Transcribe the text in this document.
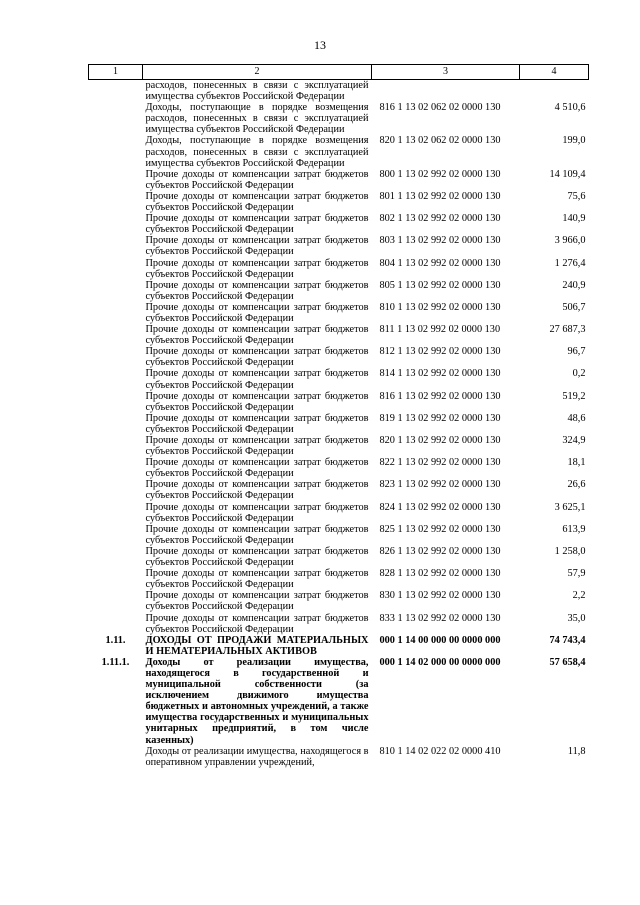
13
1	2	3	4
	расходов, понесенных в связи с эксплуатацией имущества субъектов Российской Федерации		
	Доходы, поступающие в порядке возмещения расходов, понесенных в связи с эксплуатацией имущества субъектов Российской Федерации	816 1 13 02 062 02 0000 130	4 510,6
	Доходы, поступающие в порядке возмещения расходов, понесенных в связи с эксплуатацией имущества субъектов Российской Федерации	820 1 13 02 062 02 0000 130	199,0
	Прочие доходы от компенсации затрат бюджетов субъектов Российской Федерации	800 1 13 02 992 02 0000 130	14 109,4
	Прочие доходы от компенсации затрат бюджетов субъектов Российской Федерации	801 1 13 02 992 02 0000 130	75,6
	Прочие доходы от компенсации затрат бюджетов субъектов Российской Федерации	802 1 13 02 992 02 0000 130	140,9
	Прочие доходы от компенсации затрат бюджетов субъектов Российской Федерации	803 1 13 02 992 02 0000 130	3 966,0
	Прочие доходы от компенсации затрат бюджетов субъектов Российской Федерации	804 1 13 02 992 02 0000 130	1 276,4
	Прочие доходы от компенсации затрат бюджетов субъектов Российской Федерации	805 1 13 02 992 02 0000 130	240,9
	Прочие доходы от компенсации затрат бюджетов субъектов Российской Федерации	810 1 13 02 992 02 0000 130	506,7
	Прочие доходы от компенсации затрат бюджетов субъектов Российской Федерации	811 1 13 02 992 02 0000 130	27 687,3
	Прочие доходы от компенсации затрат бюджетов субъектов Российской Федерации	812 1 13 02 992 02 0000 130	96,7
	Прочие доходы от компенсации затрат бюджетов субъектов Российской Федерации	814 1 13 02 992 02 0000 130	0,2
	Прочие доходы от компенсации затрат бюджетов субъектов Российской Федерации	816 1 13 02 992 02 0000 130	519,2
	Прочие доходы от компенсации затрат бюджетов субъектов Российской Федерации	819 1 13 02 992 02 0000 130	48,6
	Прочие доходы от компенсации затрат бюджетов субъектов Российской Федерации	820 1 13 02 992 02 0000 130	324,9
	Прочие доходы от компенсации затрат бюджетов субъектов Российской Федерации	822 1 13 02 992 02 0000 130	18,1
	Прочие доходы от компенсации затрат бюджетов субъектов Российской Федерации	823 1 13 02 992 02 0000 130	26,6
	Прочие доходы от компенсации затрат бюджетов субъектов Российской Федерации	824 1 13 02 992 02 0000 130	3 625,1
	Прочие доходы от компенсации затрат бюджетов субъектов Российской Федерации	825 1 13 02 992 02 0000 130	613,9
	Прочие доходы от компенсации затрат бюджетов субъектов Российской Федерации	826 1 13 02 992 02 0000 130	1 258,0
	Прочие доходы от компенсации затрат бюджетов субъектов Российской Федерации	828 1 13 02 992 02 0000 130	57,9
	Прочие доходы от компенсации затрат бюджетов субъектов Российской Федерации	830 1 13 02 992 02 0000 130	2,2
	Прочие доходы от компенсации затрат бюджетов субъектов Российской Федерации	833 1 13 02 992 02 0000 130	35,0
1.11.	ДОХОДЫ ОТ ПРОДАЖИ МАТЕРИАЛЬНЫХ И НЕМАТЕРИАЛЬНЫХ АКТИВОВ	000 1 14 00 000 00 0000 000	74 743,4
1.11.1.	Доходы от реализации имущества, находящегося в государственной и муниципальной собственности (за исключением движимого имущества бюджетных и автономных учреждений, а также имущества государственных и муниципальных унитарных предприятий, в том числе казенных)	000 1 14 02 000 00 0000 000	57 658,4
	Доходы от реализации имущества, находящегося в оперативном управлении учреждений,	810 1 14 02 022 02 0000 410	11,8
